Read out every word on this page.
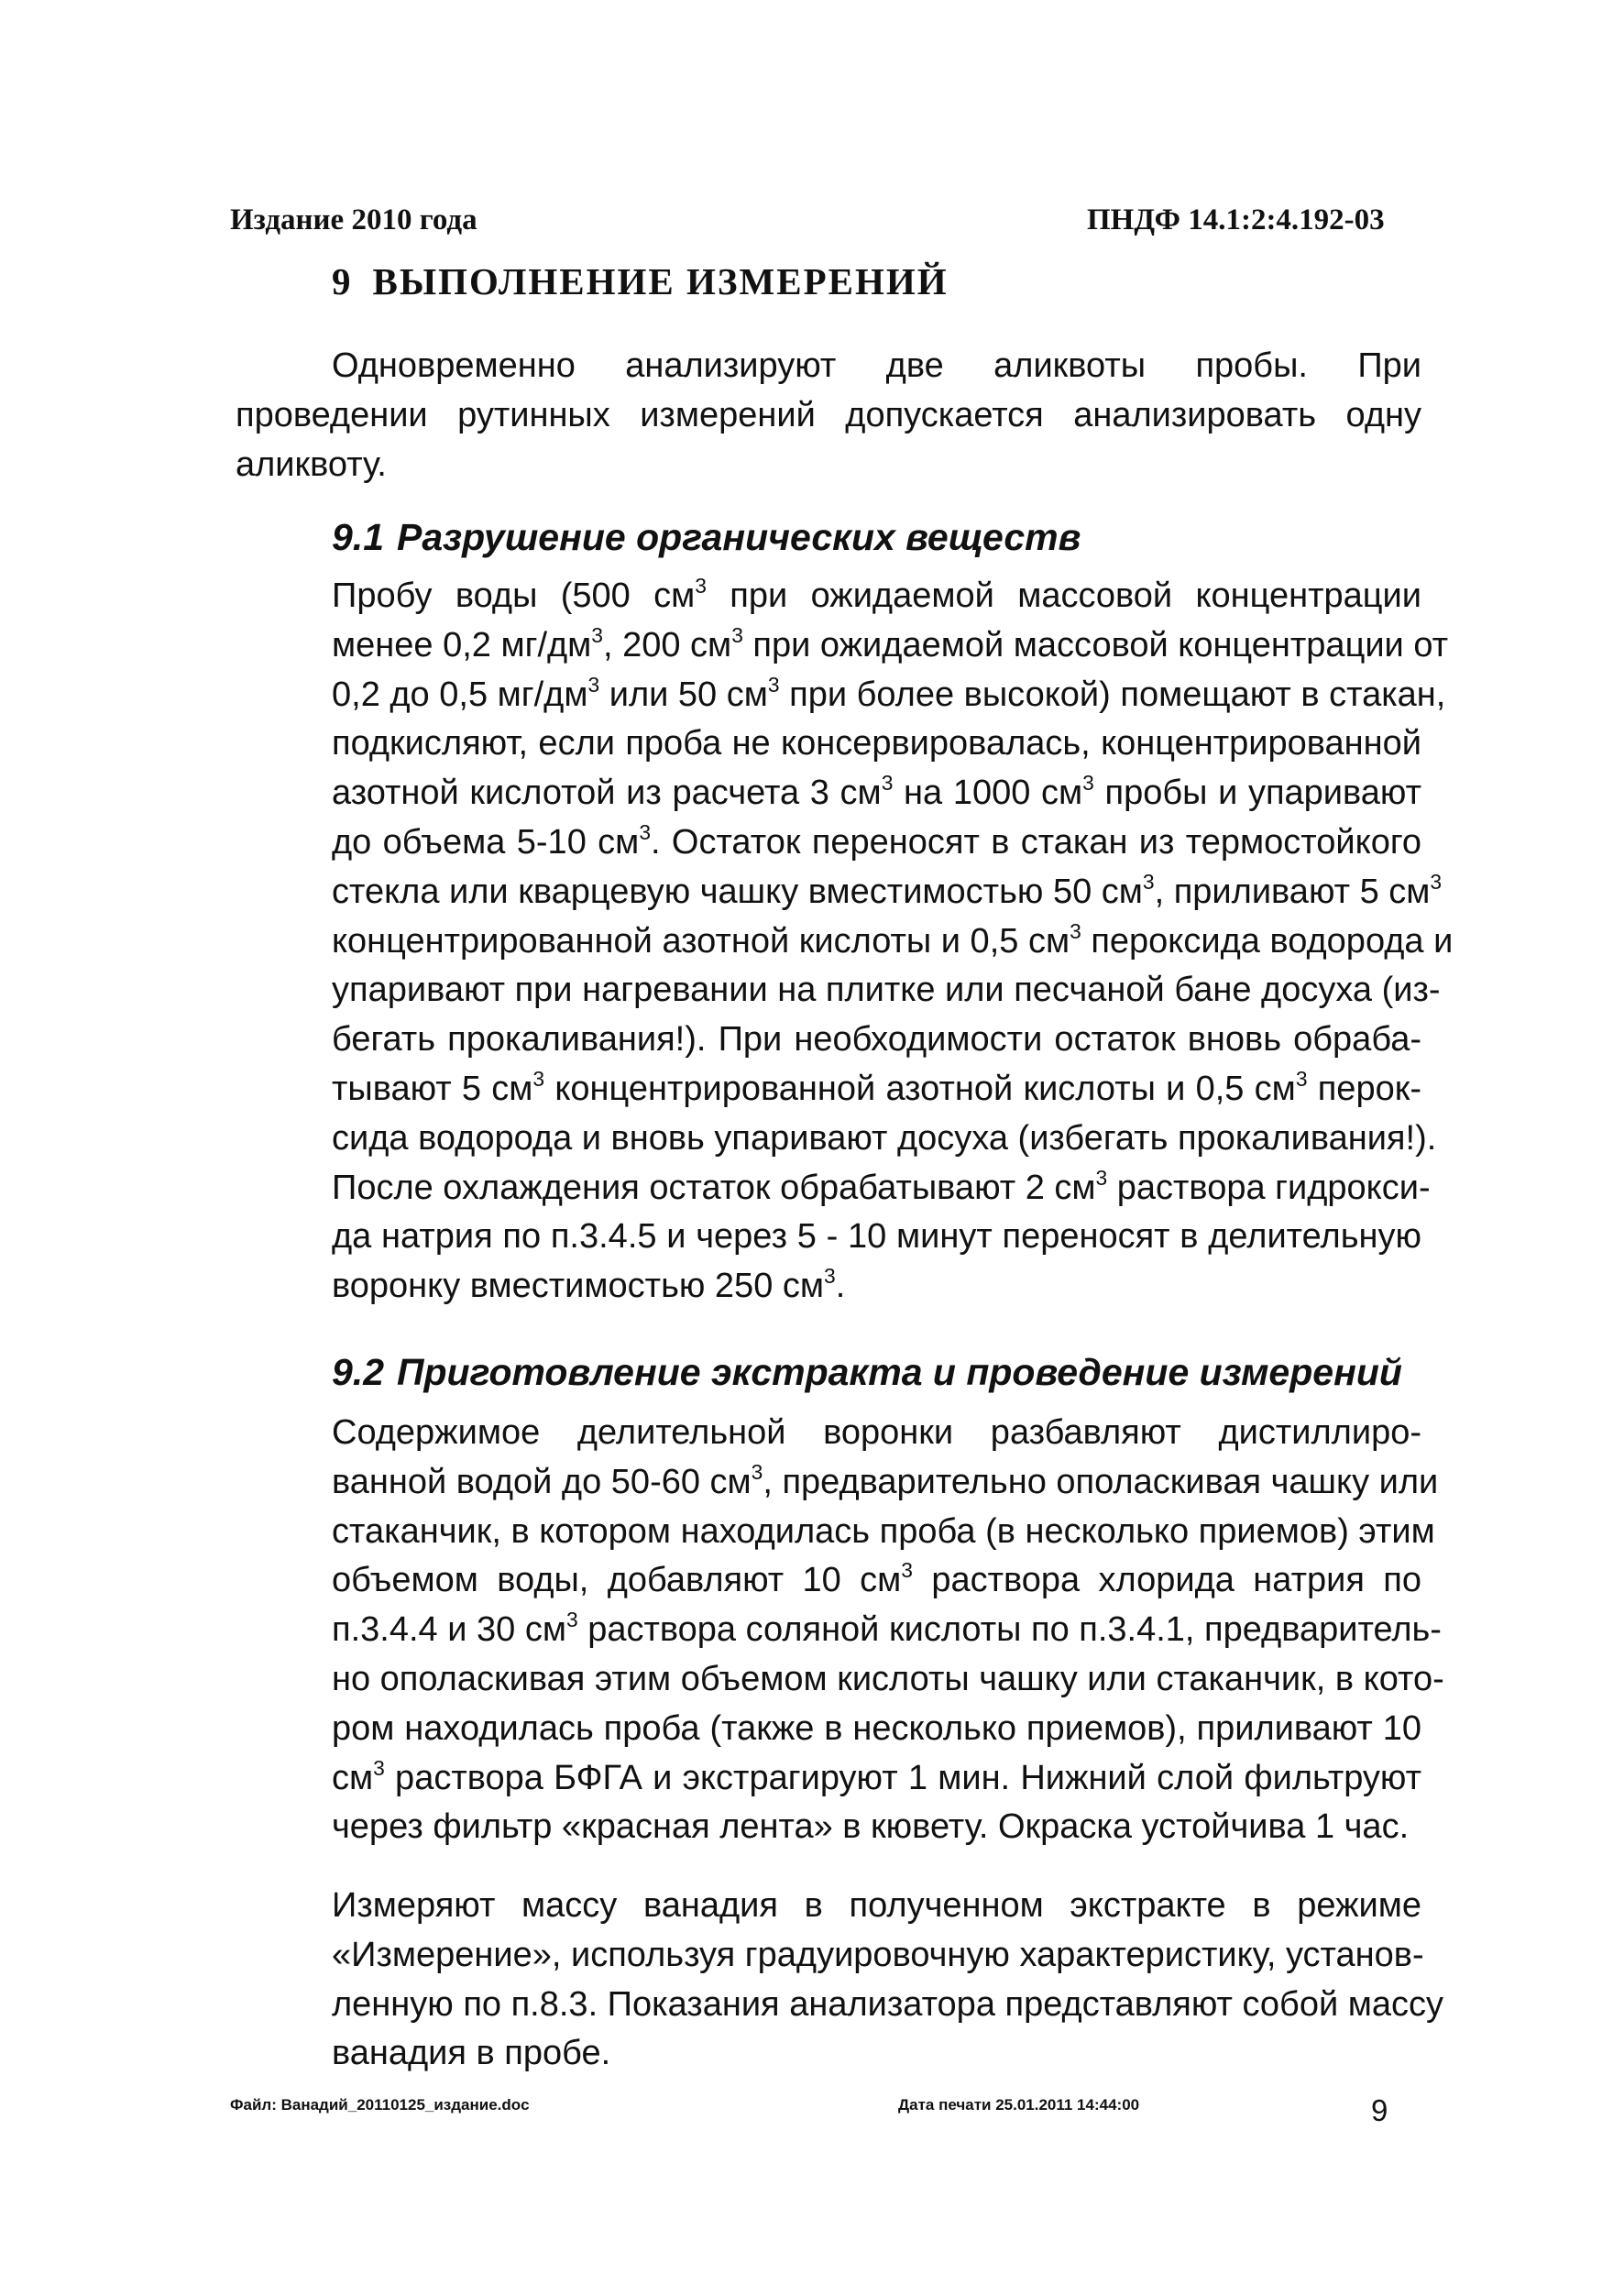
Издание 2010 года	ПНДФ 14.1:2:4.192-03
9 ВЫПОЛНЕНИЕ ИЗМЕРЕНИЙ

Одновременно анализируют две аликвоты пробы. При проведении рутинных измерений допускается анализировать одну аликвоту.

9.1 Разрушение органических веществ

Пробу воды (500 $см^3$ при ожидаемой массовой концентрации
менее 0,2 $мг/дм^3$, 200 $см^3$ при ожидаемой массовой концентрации от
0,2 до 0,5 $мг/дм^3$ или 50 $см^3$ при более высокой) помещают в стакан,
подкисляют, если проба не консервировалась, концентрированной
азотной кислотой из расчета 3 $см^3$ на 1000 $см^3$ пробы и упаривают
до объема 5-10 $см^3$. Остаток переносят в стакан из термостойкого
стекла или кварцевую чашку вместимостью 50 $см^3$, приливают 5 $см^3$
концентрированной азотной кислоты и 0,5 $см^3$ пероксида водорода и
упаривают при нагревании на плитке или песчаной бане досуха (из-
бегать прокаливания!). При необходимости остаток вновь обраба-
тывают 5 $см^3$ концентрированной азотной кислоты и 0,5 $см^3$ перок-
сида водорода и вновь упаривают досуха (избегать прокаливания!).
После охлаждения остаток обрабатывают 2 $см^3$ раствора гидрокси-
да натрия по п.3.4.5 и через 5 - 10 минут переносят в делительную
воронку вместимостью 250 $см^3$.

9.2 Приготовление экстракта и проведение измерений

Содержимое делительной воронки разбавляют дистиллиро-
ванной водой до 50-60 $см^3$, предварительно ополаскивая чашку или
стаканчик, в котором находилась проба (в несколько приемов) этим
объемом воды, добавляют 10 $см^3$ раствора хлорида натрия по
п.3.4.4 и 30 $см^3$ раствора соляной кислоты по п.3.4.1, предваритель-
но ополаскивая этим объемом кислоты чашку или стаканчик, в кото-
ром находилась проба (также в несколько приемов), приливают 10
$см^3$ раствора БФГА и экстрагируют 1 мин. Нижний слой фильтруют
через фильтр «красная лента» в кювету. Окраска устойчива 1 час.

Измеряют массу ванадия в полученном экстракте в режиме
«Измерение», используя градуировочную характеристику, установ-
ленную по п.8.3. Показания анализатора представляют собой массу
ванадия в пробе.

Файл: Ванадий_20110125_издание.doc	Дата печати 25.01.2011 14:44:00	9
